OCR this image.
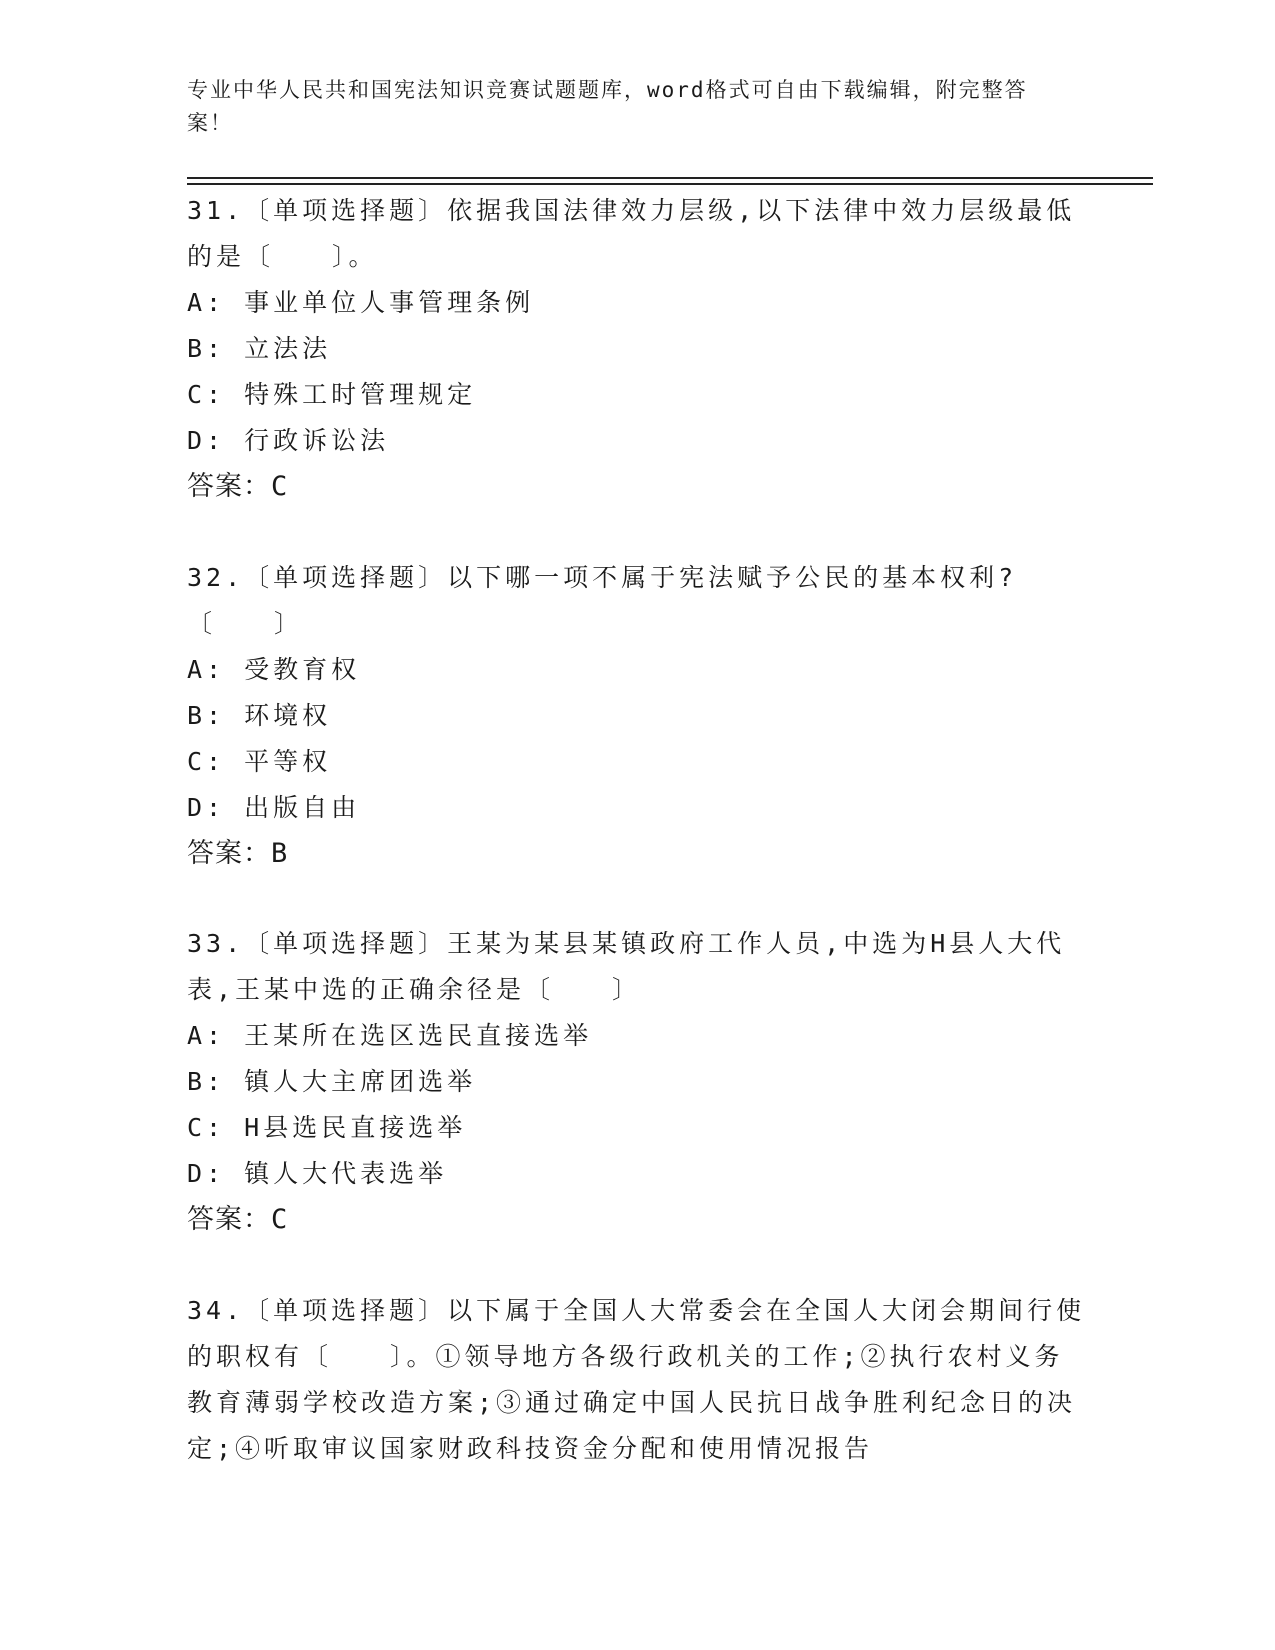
专业中华人民共和国宪法知识竞赛试题题库，word格式可自由下载编辑，附完整答案！

31.〔单项选择题〕依据我国法律效力层级,以下法律中效力层级最低的是〔　　〕。

A: 事业单位人事管理条例

B: 立法法

C: 特殊工时管理规定

D: 行政诉讼法

答案：C

32.〔单项选择题〕以下哪一项不属于宪法赋予公民的基本权利?〔　　〕

A: 受教育权

B: 环境权

C: 平等权

D: 出版自由

答案：B

33.〔单项选择题〕王某为某县某镇政府工作人员,中选为H县人大代表,王某中选的正确余径是〔　　〕

A: 王某所在选区选民直接选举

B: 镇人大主席团选举

C: H县选民直接选举

D: 镇人大代表选举

答案：C

34.〔单项选择题〕以下属于全国人大常委会在全国人大闭会期间行使的职权有〔　　〕。①领导地方各级行政机关的工作;②执行农村义务教育薄弱学校改造方案;③通过确定中国人民抗日战争胜利纪念日的决定;④听取审议国家财政科技资金分配和使用情况报告
